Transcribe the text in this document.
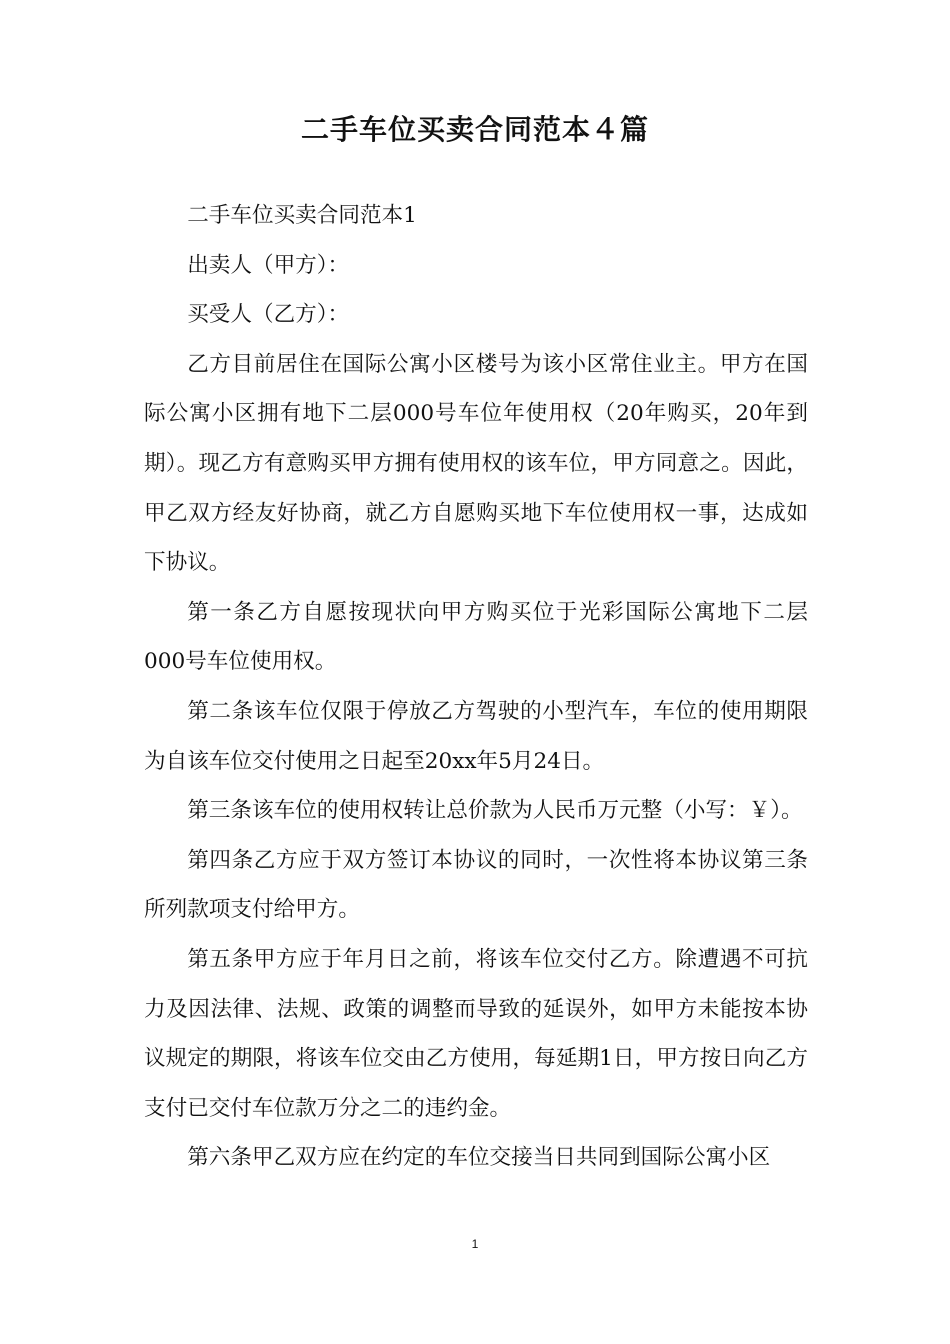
二手车位买卖合同范本４篇

二手车位买卖合同范本1

出卖人（甲方）：

买受人（乙方）：

乙方目前居住在国际公寓小区楼号为该小区常住业主。甲方在国际公寓小区拥有地下二层000号车位年使用权（20年购买，20年到期）。现乙方有意购买甲方拥有使用权的该车位，甲方同意之。因此，甲乙双方经友好协商，就乙方自愿购买地下车位使用权一事，达成如下协议。

第一条乙方自愿按现状向甲方购买位于光彩国际公寓地下二层000号车位使用权。

第二条该车位仅限于停放乙方驾驶的小型汽车，车位的使用期限为自该车位交付使用之日起至20xx年5月24日。

第三条该车位的使用权转让总价款为人民币万元整（小写：￥）。

第四条乙方应于双方签订本协议的同时，一次性将本协议第三条所列款项支付给甲方。

第五条甲方应于年月日之前，将该车位交付乙方。除遭遇不可抗力及因法律、法规、政策的调整而导致的延误外，如甲方未能按本协议规定的期限，将该车位交由乙方使用，每延期1日，甲方按日向乙方支付已交付车位款万分之二的违约金。

第六条甲乙双方应在约定的车位交接当日共同到国际公寓小区

1
